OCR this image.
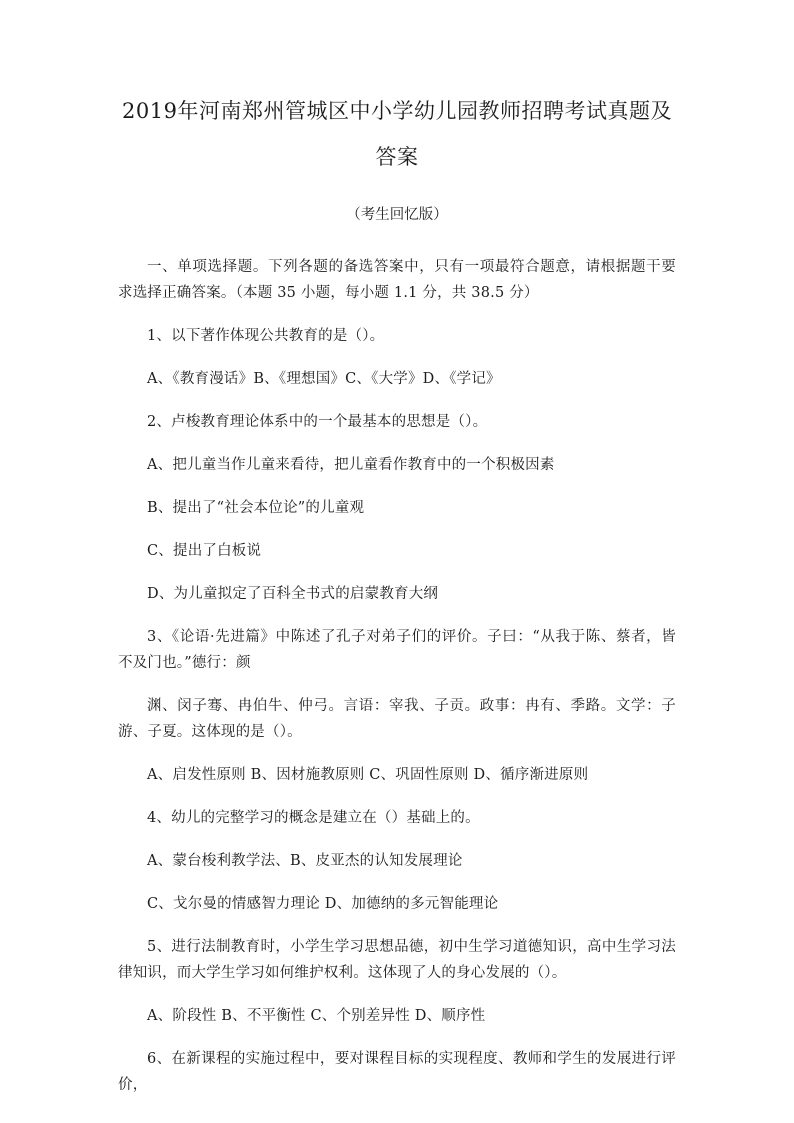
2019年河南郑州管城区中小学幼儿园教师招聘考试真题及答案

（考生回忆版）

一、单项选择题。下列各题的备选答案中，只有一项最符合题意，请根据题干要求选择正确答案。（本题 35 小题，每小题 1.1 分，共 38.5 分）

1、以下著作体现公共教育的是（）。

A、《教育漫话》B、《理想国》C、《大学》D、《学记》

2、卢梭教育理论体系中的一个最基本的思想是（）。

A、把儿童当作儿童来看待，把儿童看作教育中的一个积极因素

B、提出了“社会本位论”的儿童观

C、提出了白板说

D、为儿童拟定了百科全书式的启蒙教育大纲

3、《论语·先进篇》中陈述了孔子对弟子们的评价。子曰：“从我于陈、蔡者，皆不及门也。”德行：颜

渊、闵子骞、冉伯牛、仲弓。言语：宰我、子贡。政事：冉有、季路。文学：子游、子夏。这体现的是（）。

A、启发性原则 B、因材施教原则 C、巩固性原则 D、循序渐进原则

4、幼儿的完整学习的概念是建立在（）基础上的。

A、蒙台梭利教学法、B、皮亚杰的认知发展理论

C、戈尔曼的情感智力理论 D、加德纳的多元智能理论

5、进行法制教育时，小学生学习思想品德，初中生学习道德知识，高中生学习法律知识，而大学生学习如何维护权利。这体现了人的身心发展的（）。

A、阶段性 B、不平衡性 C、个别差异性 D、顺序性

6、在新课程的实施过程中，要对课程目标的实现程度、教师和学生的发展进行评价，
